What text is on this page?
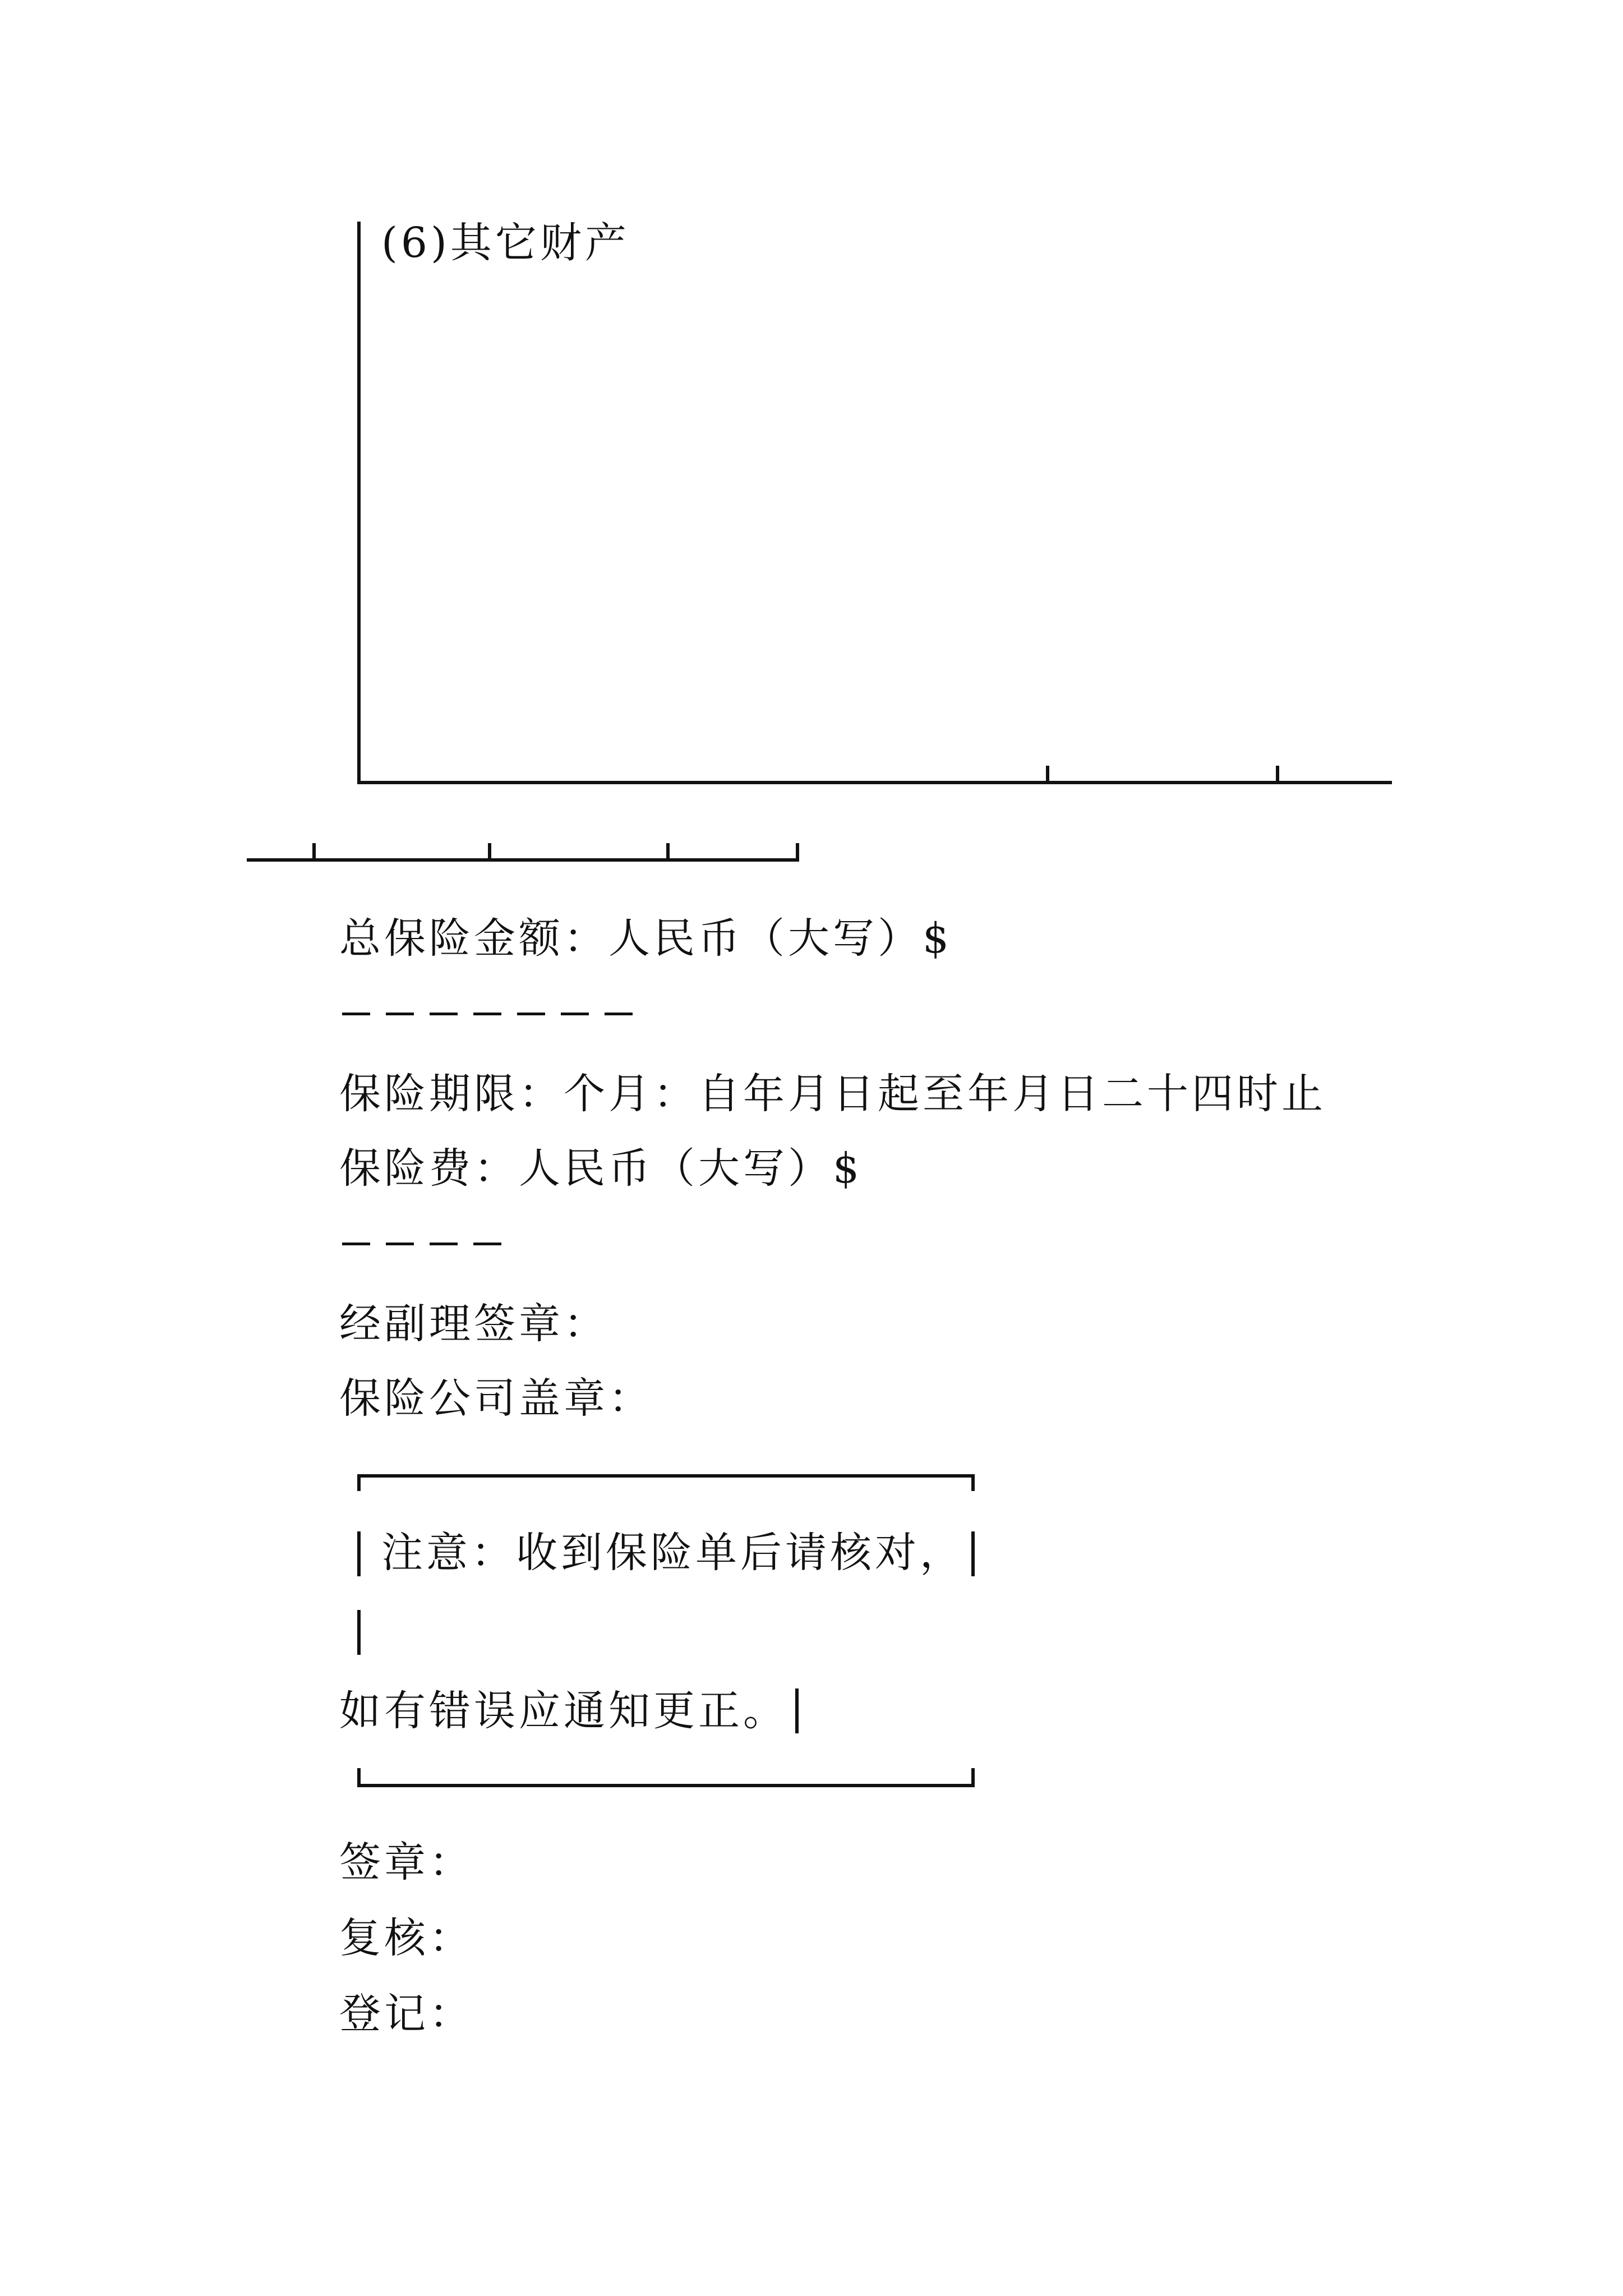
(6)其它财产
总保险金额：人民币（大写）$
保险期限：个月：自年月日起至年月日二十四时止
保险费：人民币（大写）$
经副理签章：
保险公司盖章：
注意：收到保险单后请核对，
如有错误应通知更正。
签章：
复核：
登记：
